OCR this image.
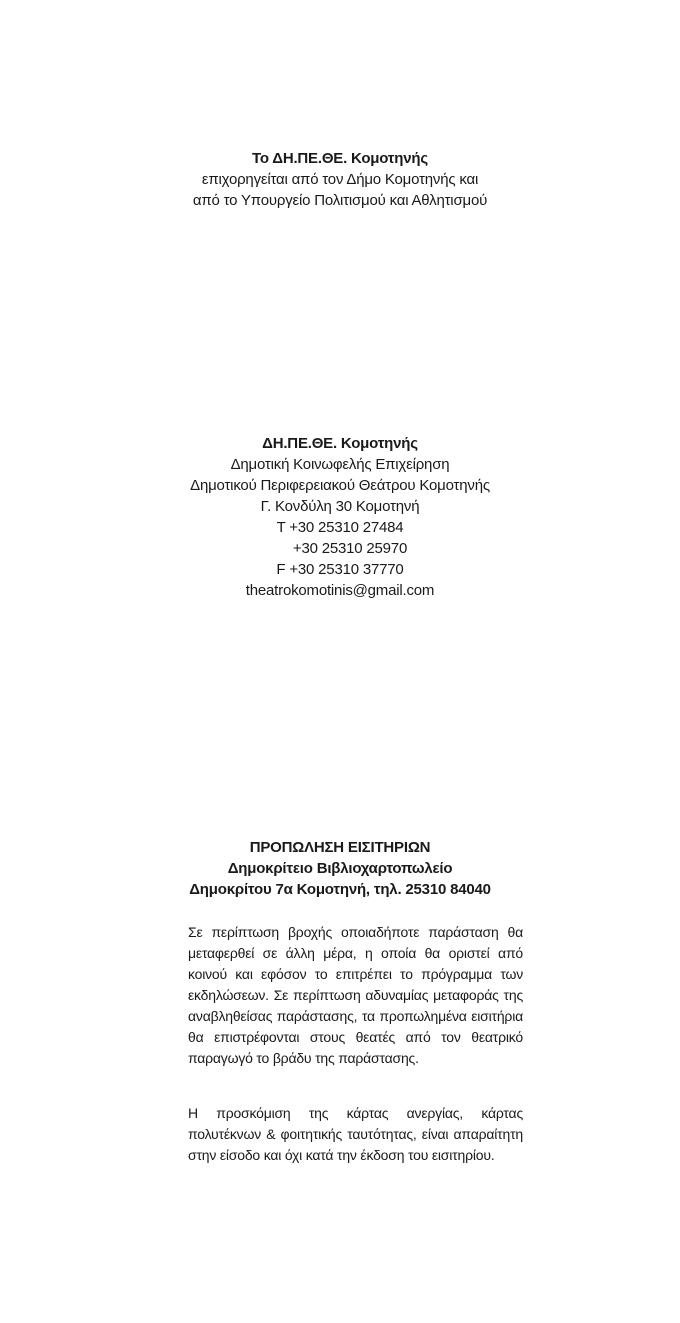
Το ΔΗ.ΠΕ.ΘΕ. Κομοτηνής
επιχορηγείται από τον Δήμο Κομοτηνής και
από το Υπουργείο Πολιτισμού και Αθλητισμού
ΔΗ.ΠΕ.ΘΕ. Κομοτηνής
Δημοτική Κοινωφελής Επιχείρηση
Δημοτικού Περιφερειακού Θεάτρου Κομοτηνής
Γ. Κονδύλη 30 Κομοτηνή
T +30 25310 27484
+30 25310 25970
F +30 25310 37770
theatrokomotinis@gmail.com
ΠΡΟΠΩΛΗΣΗ ΕΙΣΙΤΗΡΙΩΝ
Δημοκρίτειο Βιβλιοχαρτοπωλείο
Δημοκρίτου 7α Κομοτηνή, τηλ. 25310 84040

Σε περίπτωση βροχής οποιαδήποτε παράσταση θα μεταφερθεί σε άλλη μέρα, η οποία θα οριστεί από κοινού και εφόσον το επιτρέπει το πρόγραμμα των εκδηλώσεων. Σε περίπτωση αδυναμίας μεταφοράς της αναβληθείσας παράστασης, τα προπωλημένα εισιτήρια θα επιστρέφονται στους θεατές από τον θεατρικό παραγωγό το βράδυ της παράστασης.

Η προσκόμιση της κάρτας ανεργίας, κάρτας πολυτέκνων & φοιτητικής ταυτότητας, είναι απαραίτητη στην είσοδο και όχι κατά την έκδοση του εισιτηρίου.
